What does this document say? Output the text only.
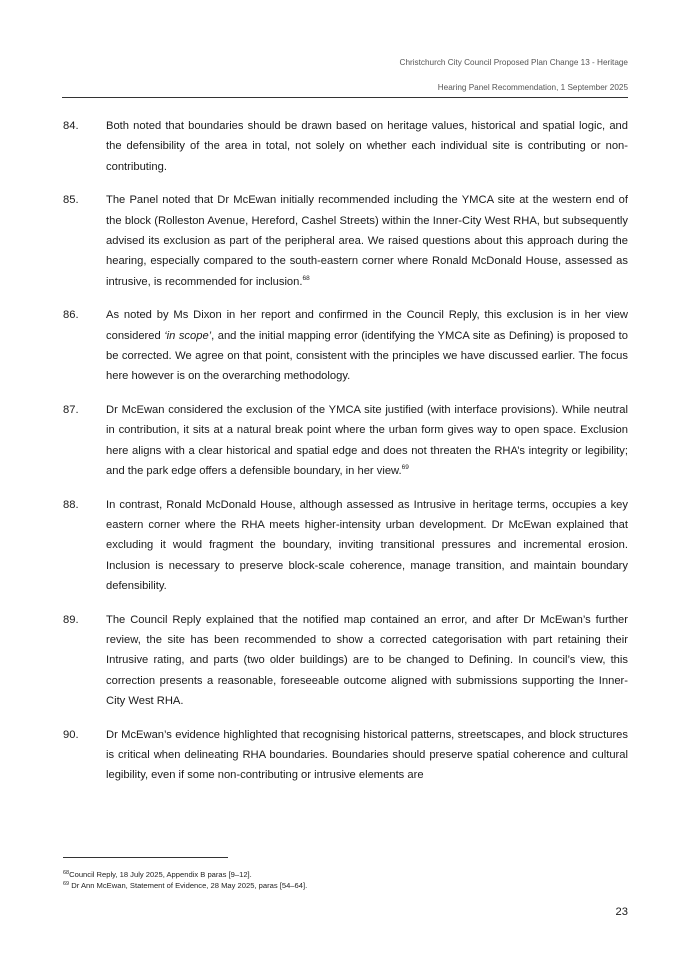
Christchurch City Council Proposed Plan Change 13 - Heritage
Hearing Panel Recommendation, 1 September 2025
84. Both noted that boundaries should be drawn based on heritage values, historical and spatial logic, and the defensibility of the area in total, not solely on whether each individual site is contributing or non-contributing.
85. The Panel noted that Dr McEwan initially recommended including the YMCA site at the western end of the block (Rolleston Avenue, Hereford, Cashel Streets) within the Inner-City West RHA, but subsequently advised its exclusion as part of the peripheral area. We raised questions about this approach during the hearing, especially compared to the south-eastern corner where Ronald McDonald House, assessed as intrusive, is recommended for inclusion.$^{68}$
86. As noted by Ms Dixon in her report and confirmed in the Council Reply, this exclusion is in her view considered ‘in scope’, and the initial mapping error (identifying the YMCA site as Defining) is proposed to be corrected. We agree on that point, consistent with the principles we have discussed earlier. The focus here however is on the overarching methodology.
87. Dr McEwan considered the exclusion of the YMCA site justified (with interface provisions). While neutral in contribution, it sits at a natural break point where the urban form gives way to open space. Exclusion here aligns with a clear historical and spatial edge and does not threaten the RHA’s integrity or legibility; and the park edge offers a defensible boundary, in her view.$^{69}$
88. In contrast, Ronald McDonald House, although assessed as Intrusive in heritage terms, occupies a key eastern corner where the RHA meets higher-intensity urban development. Dr McEwan explained that excluding it would fragment the boundary, inviting transitional pressures and incremental erosion. Inclusion is necessary to preserve block-scale coherence, manage transition, and maintain boundary defensibility.
89. The Council Reply explained that the notified map contained an error, and after Dr McEwan’s further review, the site has been recommended to show a corrected categorisation with part retaining their Intrusive rating, and parts (two older buildings) are to be changed to Defining. In council’s view, this correction presents a reasonable, foreseeable outcome aligned with submissions supporting the Inner-City West RHA.
90. Dr McEwan’s evidence highlighted that recognising historical patterns, streetscapes, and block structures is critical when delineating RHA boundaries. Boundaries should preserve spatial coherence and cultural legibility, even if some non-contributing or intrusive elements are
$^{68}$Council Reply, 18 July 2025, Appendix B paras [9–12].
$^{69}$ Dr Ann McEwan, Statement of Evidence, 28 May 2025, paras [54–64].
23
